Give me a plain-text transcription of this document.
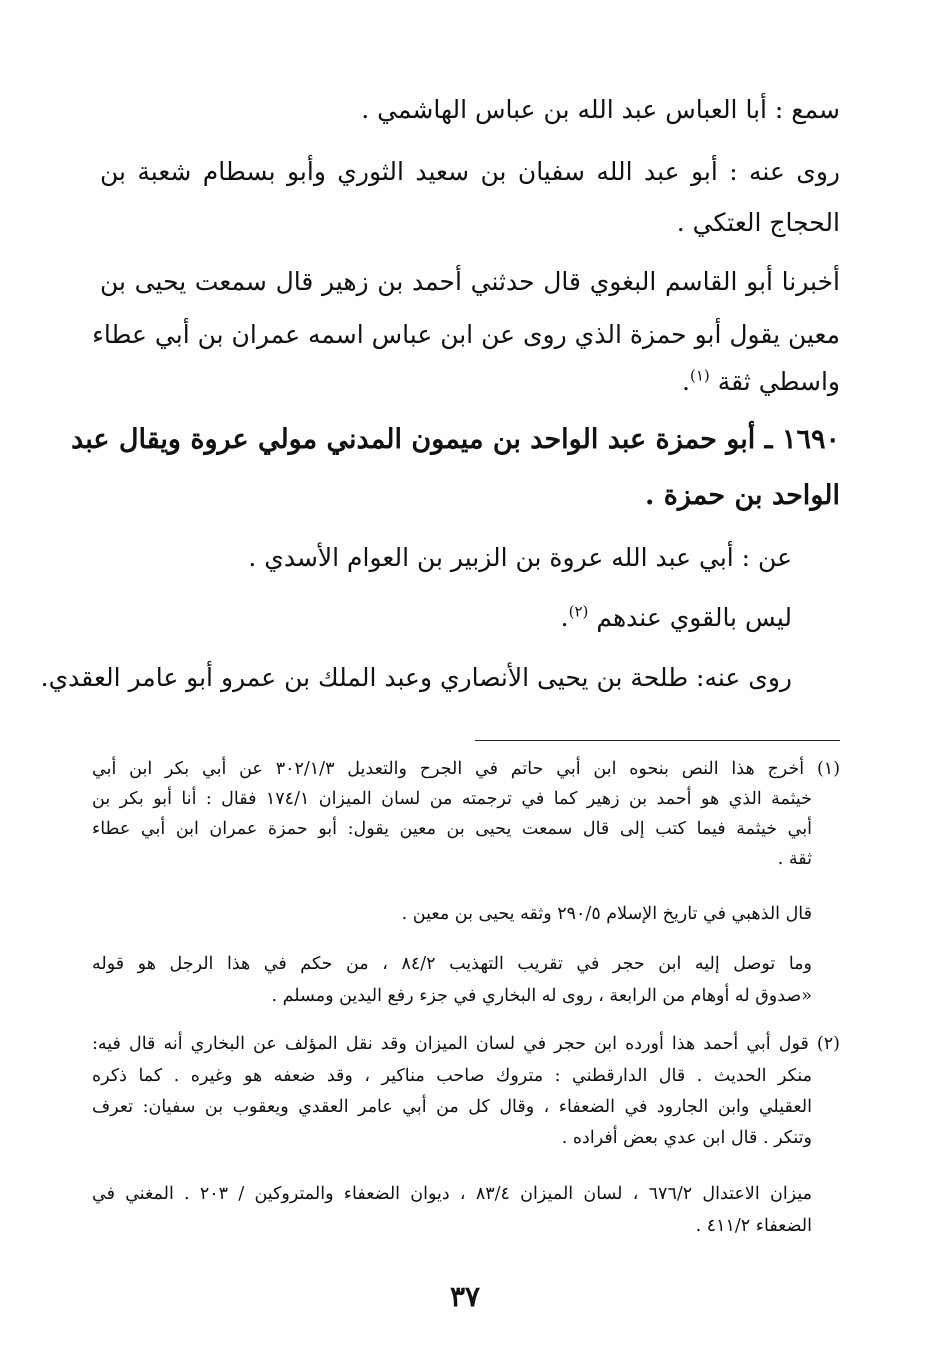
سمع : أبا العباس عبد الله بن عباس الهاشمي .
روى عنه : أبو عبد الله سفيان بن سعيد الثوري وأبو بسطام شعبة بن
الحجاج العتكي .
أخبرنا أبو القاسم البغوي قال حدثني أحمد بن زهير قال سمعت يحيى بن
معين يقول أبو حمزة الذي روى عن ابن عباس اسمه عمران بن أبي عطاء
واسطي ثقة $^{(١)}$.
١٦٩٠ ـ أبو حمزة عبد الواحد بن ميمون المدني مولي عروة ويقال عبد
الواحد بن حمزة .
عن : أبي عبد الله عروة بن الزبير بن العوام الأسدي .
ليس بالقوي عندهم $^{(٢)}$.
روى عنه: طلحة بن يحيى الأنصاري وعبد الملك بن عمرو أبو عامر العقدي.
(١) أخرج هذا النص بنحوه ابن أبي حاتم في الجرح والتعديل ٣٠٢/١/٣ عن أبي بكر ابن أبي
خيثمة الذي هو أحمد بن زهير كما في ترجمته من لسان الميزان ١٧٤/١ فقال : أنا أبو بكر بن
أبي خيثمة فيما كتب إلى قال سمعت يحيى بن معين يقول: أبو حمزة عمران ابن أبي عطاء
ثقة .
قال الذهبي في تاريخ الإسلام ٢٩٠/٥ وثقه يحيى بن معين .
وما توصل إليه ابن حجر في تقريب التهذيب ٨٤/٢ ، من حكم في هذا الرجل هو قوله
«صدوق له أوهام من الرابعة ، روى له البخاري في جزء رفع اليدين ومسلم .
(٢) قول أبي أحمد هذا أورده ابن حجر في لسان الميزان وقد نقل المؤلف عن البخاري أنه قال فيه:
منكر الحديث . قال الدارقطني : متروك صاحب مناكير ، وقد ضعفه هو وغيره . كما ذكره
العقيلي وابن الجارود في الضعفاء ، وقال كل من أبي عامر العقدي ويعقوب بن سفيان: تعرف
وتنكر . قال ابن عدي بعض أفراده .
ميزان الاعتدال ٦٧٦/٢ ، لسان الميزان ٨٣/٤ ، ديوان الضعفاء والمتروكين / ٢٠٣ . المغني في
الضعفاء ٤١١/٢ .
٣٧
